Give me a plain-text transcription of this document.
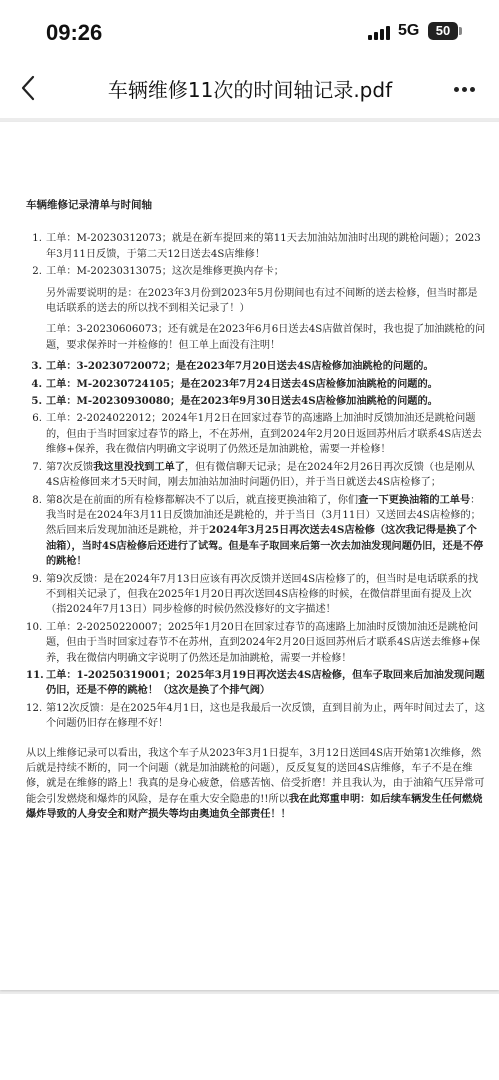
09:26	5G	50
车辆维修11次的时间轴记录.pdf
车辆维修记录清单与时间轴
1. 工单：M-20230312073；就是在新车提回来的第11天去加油站加油时出现的跳枪问题）；2023年3月11日反馈，于第二天12日送去4S店维修！
2. 工单：M-20230313075；这次是维修更换内存卡；
另外需要说明的是：在2023年3月份到2023年5月份期间也有过不间断的送去检修，但当时都是电话联系的送去的所以找不到相关记录了！）
工单：3-20230606073；还有就是在2023年6月6日送去4S店做首保时，我也提了加油跳枪的问题，要求保养时一并检修的！但工单上面没有注明！
3. 工单：3-20230720072；是在2023年7月20日送去4S店检修加油跳枪的问题的。
4. 工单：M-20230724105；是在2023年7月24日送去4S店检修加油跳枪的问题的。
5. 工单：M-20230930080；是在2023年9月30日送去4S店检修加油跳枪的问题的。
6. 工单：2-2024022012；2024年1月2日在回家过春节的高速路上加油时反馈加油还是跳枪问题的，但由于当时回家过春节的路上，不在苏州，直到2024年2月20日返回苏州后才联系4S店送去维修+保养，我在微信内明确文字说明了仍然还是加油跳枪，需要一并检修！
7. 第7次反馈我这里没找到工单了，但有微信聊天记录；是在2024年2月26日再次反馈（也是刚从4S店检修回来才5天时间，刚去加油站加油时问题仍旧），并于当日就送去4S店检修了；
8. 第8次是在前面的所有检修都解决不了以后，就直接更换油箱了，你们查一下更换油箱的工单号：我当时是在2024年3月11日反馈加油还是跳枪的，并于当日（3月11日）又送回去4S店检修的；然后回来后发现加油还是跳枪，并于2024年3月25日再次送去4S店检修（这次我记得是换了个油箱），当时4S店检修后还进行了试驾。但是车子取回来后第一次去加油发现问题仍旧，还是不停的跳枪！
9. 第9次反馈：是在2024年7月13日应该有再次反馈并送回4S店检修了的，但当时是电话联系的找不到相关记录了，但我在2025年1月20日再次送回4S店检修的时候，在微信群里面有提及上次（指2024年7月13日）同步检修的时候仍然没修好的文字描述！
10. 工单：2-20250220007；2025年1月20日在回家过春节的高速路上加油时反馈加油还是跳枪问题，但由于当时回家过春节不在苏州，直到2024年2月20日返回苏州后才联系4S店送去维修+保养，我在微信内明确文字说明了仍然还是加油跳枪，需要一并检修！
11. 工单：1-20250319001；2025年3月19日再次送去4S店检修，但车子取回来后加油发现问题仍旧，还是不停的跳枪！（这次是换了个排气阀）
12. 第12次反馈：是在2025年4月1日，这也是我最后一次反馈，直到目前为止，两年时间过去了，这个问题仍旧存在修理不好！
从以上维修记录可以看出，我这个车子从2023年3月1日提车，3月12日送回4S店开始第1次维修，然后就是持续不断的，同一个问题（就是加油跳枪的问题），反反复复的送回4S店维修，车子不是在维修，就是在维修的路上！我真的是身心疲惫，倍感苦恼、倍受折磨！并且我认为，由于油箱气压异常可能会引发燃烧和爆炸的风险，是存在重大安全隐患的!!所以我在此郑重申明：如后续车辆发生任何燃烧爆炸导致的人身安全和财产损失等均由奥迪负全部责任！！
